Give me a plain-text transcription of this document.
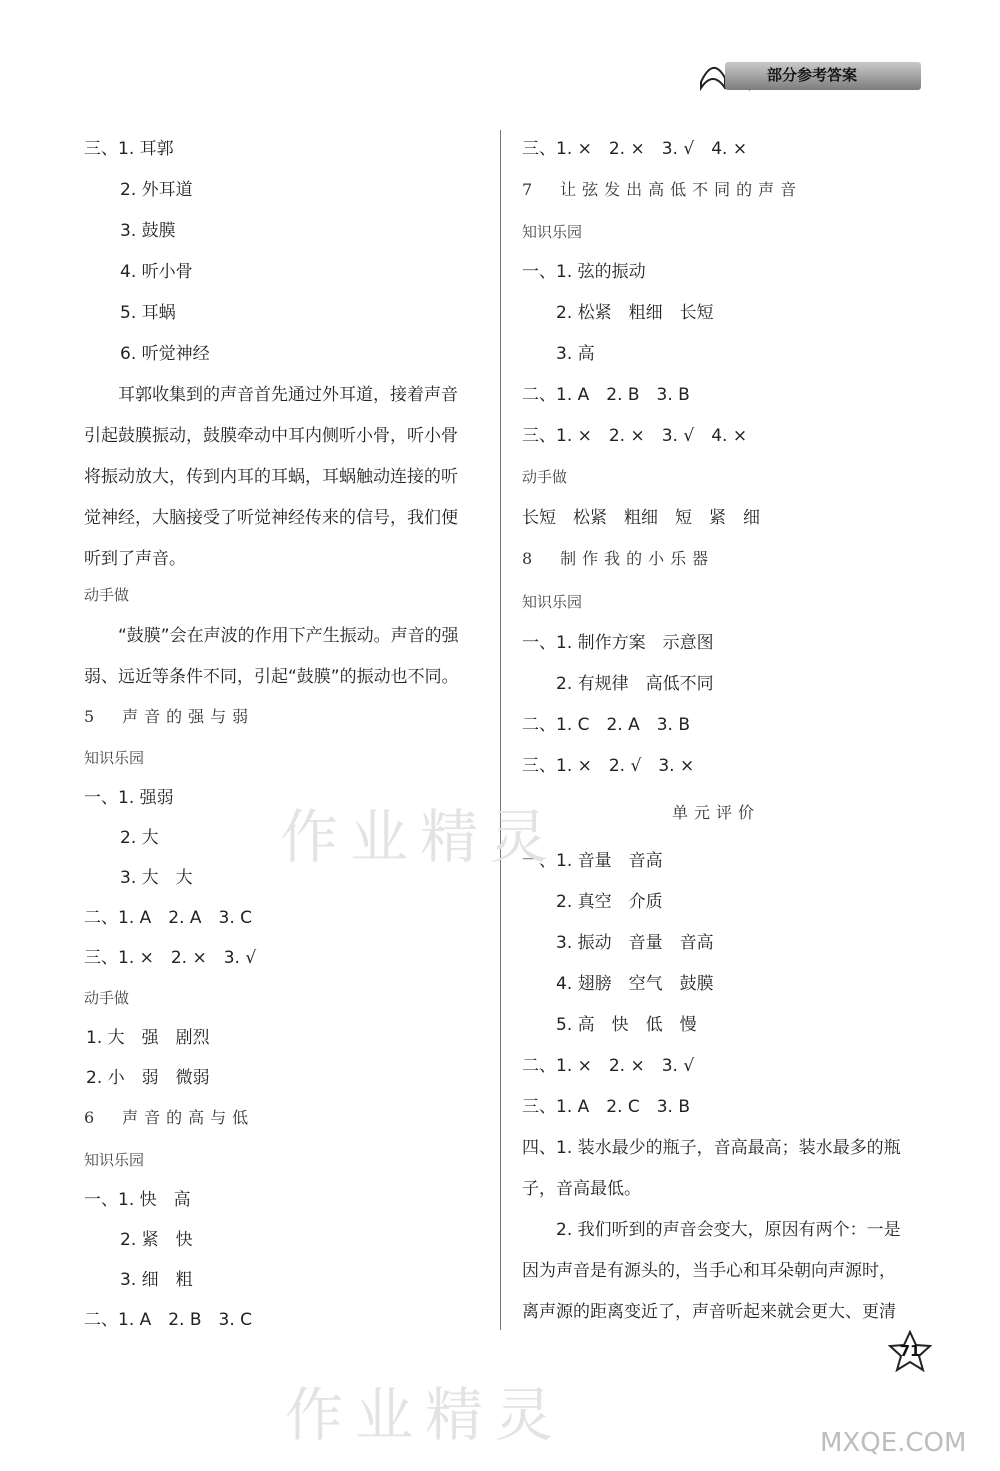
部分参考答案
三、1. 耳郭
2. 外耳道
3. 鼓膜
4. 听小骨
5. 耳蜗
6. 听觉神经
耳郭收集到的声音首先通过外耳道，接着声音
引起鼓膜振动，鼓膜牵动中耳内侧听小骨，听小骨
将振动放大，传到内耳的耳蜗，耳蜗触动连接的听
觉神经，大脑接受了听觉神经传来的信号，我们便
听到了声音。
动手做
“鼓膜”会在声波的作用下产生振动。声音的强
弱、远近等条件不同，引起“鼓膜”的振动也不同。
5　声音的强与弱
知识乐园
一、1. 强弱
2. 大
3. 大　大
二、1. A　2. A　3. C
三、1. ×　2. ×　3. √
动手做
1. 大　强　剧烈
2. 小　弱　微弱
6　声音的高与低
知识乐园
一、1. 快　高
2. 紧　快
3. 细　粗
二、1. A　2. B　3. C
三、1. ×　2. ×　3. √　4. ×
7　让弦发出高低不同的声音
知识乐园
一、1. 弦的振动
2. 松紧　粗细　长短
3. 高
二、1. A　2. B　3. B
三、1. ×　2. ×　3. √　4. ×
动手做
长短　松紧　粗细　短　紧　细
8　制作我的小乐器
知识乐园
一、1. 制作方案　示意图
2. 有规律　高低不同
二、1. C　2. A　3. B
三、1. ×　2. √　3. ×
单元评价
一、1. 音量　音高
2. 真空　介质
3. 振动　音量　音高
4. 翅膀　空气　鼓膜
5. 高　快　低　慢
二、1. ×　2. ×　3. √
三、1. A　2. C　3. B
四、1. 装水最少的瓶子，音高最高；装水最多的瓶
子，音高最低。
2. 我们听到的声音会变大，原因有两个：一是
因为声音是有源头的，当手心和耳朵朝向声源时，
离声源的距离变近了，声音听起来就会更大、更清
作业精灵
作业精灵	MXQE.COM
71
